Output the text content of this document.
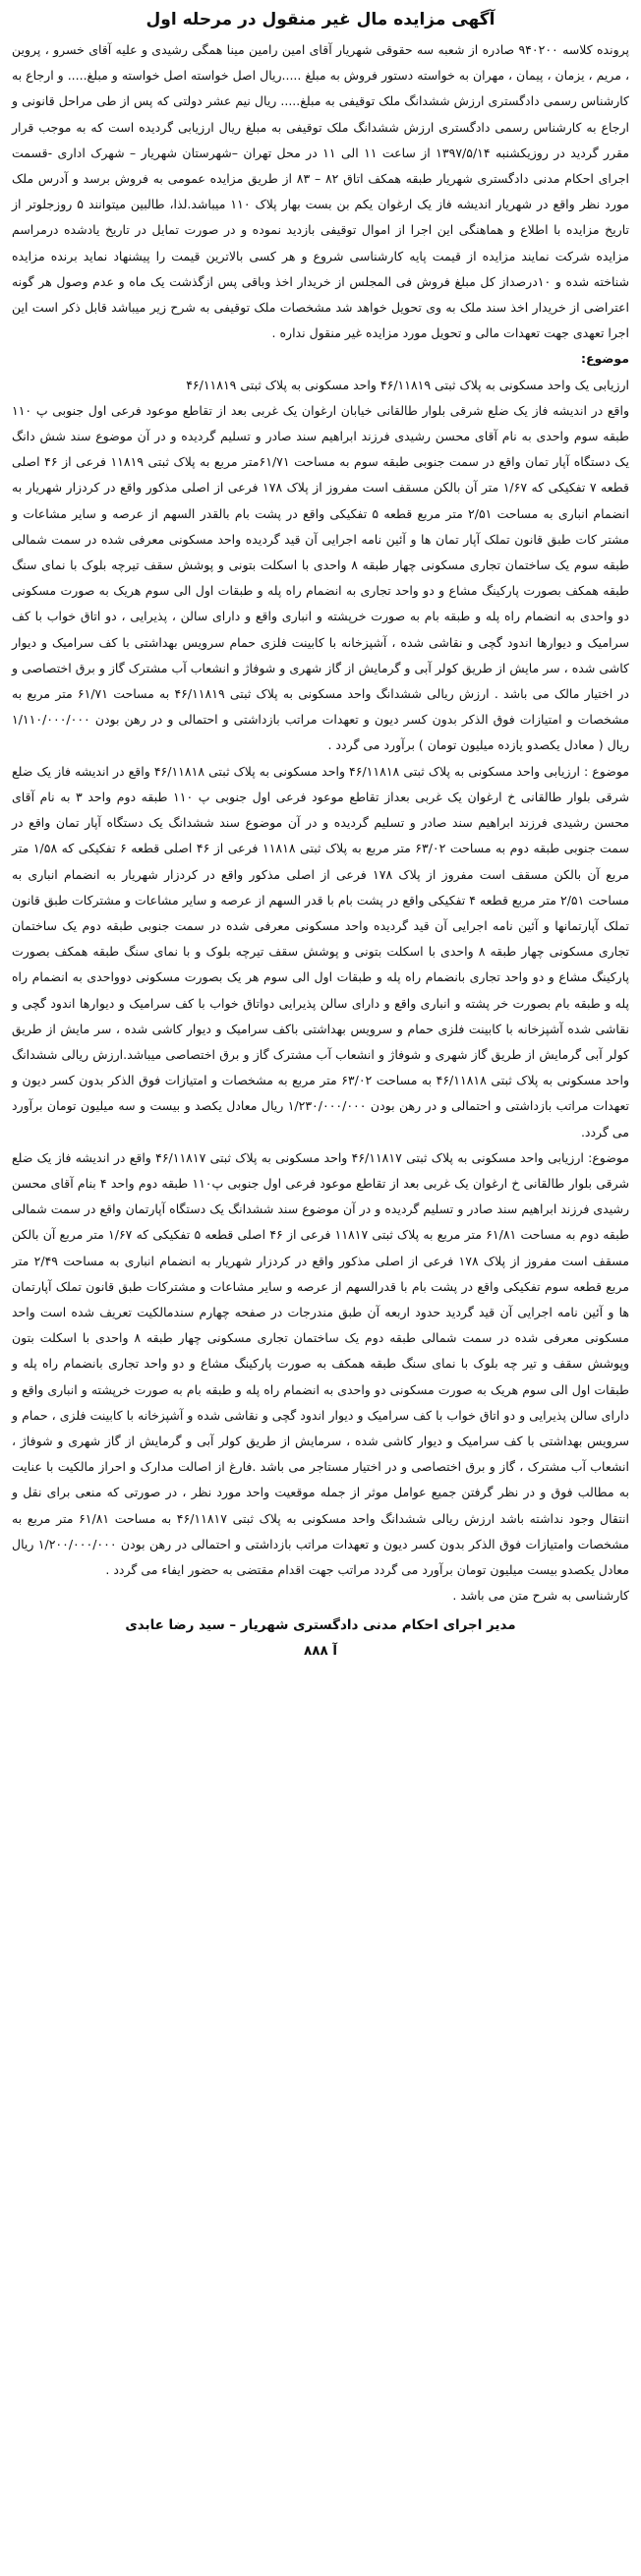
آگهی مزایده مال غیر منقول در مرحله اول

پرونده کلاسه ۹۴۰۲۰۰ صادره از شعبه سه حقوقی شهریار آقای امین رامین مینا همگی رشیدی و علیه آقای خسرو ، پروین ، مریم ، یزمان ، پیمان ، مهران به خواسته دستور فروش به مبلغ .....ریال اصل خواسته اصل خواسته و مبلغ..... و ارجاع به کارشناس رسمی دادگستری ارزش ششدانگ ملک توقیفی به مبلغ..... ریال نیم عشر دولتی که پس از طی مراحل قانونی و ارجاع به کارشناس رسمی دادگستری ارزش ششدانگ ملک توقیفی به مبلغ ریال ارزیابی گردیده است که به موجب قرار مقرر گردید در روزیکشنبه ۱۳۹۷/۵/۱۴ از ساعت ۱۱ الی ۱۱ در محل تهران –شهرستان شهریار – شهرک اداری -قسمت اجرای احکام مدنی دادگستری شهریار طبقه همکف اتاق ۸۲ – ۸۳ از طریق مزایده عمومی به فروش برسد و آدرس ملک مورد نظر واقع در شهریار اندیشه فاز یک ارغوان یکم بن بست بهار پلاک ۱۱۰ میباشد.لذا، طالبین میتوانند ۵ روزجلوتر از تاریخ مزایده با اطلاع و هماهنگی این اجرا از اموال توقیفی بازدید نموده و در صورت تمایل در تاریخ یادشده درمراسم مزایده شرکت نمایند مزایده از قیمت پایه کارشناسی شروع و هر کسی بالاترین قیمت را پیشنهاد نماید برنده مزایده شناخته شده و ۱۰درصداز کل مبلغ فروش فی المجلس از خریدار اخذ وباقی پس ازگذشت یک ماه و عدم وصول هر گونه اعتراضی از خریدار اخذ سند ملک به وی تحویل خواهد شد مشخصات ملک توقیفی به شرح زیر میباشد قابل ذکر است این اجرا تعهدی جهت تعهدات مالی و تحویل مورد مزایده غیر منقول نداره .

موضوع:

ارزیابی یک واحد مسکونی به پلاک ثبتی ۴۶/۱۱۸۱۹ واحد مسکونی به پلاک ثبتی ۴۶/۱۱۸۱۹

واقع در اندیشه فاز یک ضلع شرقی بلوار طالقانی خیابان ارغوان یک غربی بعد از تقاطع موعود فرعی اول جنوبی پ ۱۱۰ طبقه سوم واحدی به نام آقای محسن رشیدی فرزند ابراهیم سند صادر و تسلیم گردیده و در آن موضوع سند شش دانگ یک دستگاه آپار تمان واقع در سمت جنوبی طبقه سوم به مساحت ۶۱/۷۱متر مربع به پلاک ثبتی ۱۱۸۱۹ فرعی از ۴۶ اصلی قطعه ۷ تفکیکی که ۱/۶۷ متر آن بالکن مسقف است مفروز از پلاک ۱۷۸ فرعی از اصلی مذکور واقع در کردزار شهریار به انضمام انباری به مساحت ۲/۵۱ متر مربع قطعه ۵ تفکیکی واقع در پشت بام بالقدر السهم از عرصه و سایر مشاعات و مشتر کات طبق قانون تملک آپار تمان ها و آئین نامه اجرایی آن قید گردیده واحد مسکونی معرفی شده در سمت شمالی طبقه سوم یک ساختمان تجاری مسکونی چهار طبقه ۸ واحدی با اسکلت بتونی و پوشش سقف تیرچه بلوک با نمای سنگ طبقه همکف بصورت پارکینگ مشاع و دو واحد تجاری به انضمام راه پله و طبقات اول الی سوم هریک به صورت مسکونی دو واحدی به انضمام راه پله و طبقه بام به صورت خرپشته و انباری واقع و دارای سالن ، پذیرایی ، دو اتاق خواب با کف سرامیک و دیوارها اندود گچی و نقاشی شده ، آشپزخانه با کابینت فلزی حمام سرویس بهداشتی با کف سرامیک و دیوار کاشی شده ، سر مایش از طریق کولر آبی و گرمایش از گاز شهری و شوفاژ و انشعاب آب مشترک گاز و برق اختصاصی و در اختیار مالک می باشد . ارزش ریالی ششدانگ واحد مسکونی به پلاک ثبتی ۴۶/۱۱۸۱۹ به مساحت ۶۱/۷۱ متر مربع به مشخصات و امتیازات فوق الذکر بدون کسر دیون و تعهدات مراتب بازداشتی و احتمالی و در رهن بودن ۱/۱۱۰/۰۰۰/۰۰۰ ریال ( معادل یکصدو یازده میلیون تومان ) برآورد می گردد .

موضوع : ارزیابی واحد مسکونی به پلاک ثبتی ۴۶/۱۱۸۱۸ واحد مسکونی به پلاک ثبتی ۴۶/۱۱۸۱۸ واقع در اندیشه فاز یک ضلع شرقی بلوار طالقانی خ ارغوان یک غربی بعداز تقاطع موعود فرعی اول جنوبی پ ۱۱۰ طبقه دوم واحد ۳ به نام آقای محسن رشیدی فرزند ابراهیم سند صادر و تسلیم گردیده و در آن موضوع سند ششدانگ یک دستگاه آپار تمان واقع در سمت جنوبی طبقه دوم به مساحت ۶۳/۰۲ متر مربع به پلاک ثبتی ۱۱۸۱۸ فرعی از ۴۶ اصلی قطعه ۶ تفکیکی که ۱/۵۸ متر مربع آن بالکن مسقف است مفروز از پلاک ۱۷۸ فرعی از اصلی مذکور واقع در کردزار شهریار به انضمام انباری به مساحت ۲/۵۱ متر مربع قطعه ۴ تفکیکی واقع در پشت بام با قدر السهم از عرصه و سایر مشاعات و مشترکات طبق قانون تملک آپارتمانها و آئین نامه اجرایی آن قید گردیده واحد مسکونی معرفی شده در سمت جنوبی طبقه دوم یک ساختمان تجاری مسکونی چهار طبقه ۸ واحدی با اسکلت بتونی و پوشش سقف تیرچه بلوک و با نمای سنگ طبقه همکف بصورت پارکینگ مشاع و دو واحد تجاری بانضمام راه پله و طبقات اول الی سوم هر یک بصورت مسکونی دوواحدی به انضمام راه پله و طبقه بام بصورت خر پشته و انباری واقع و دارای سالن پذیرایی دواتاق خواب با کف سرامیک و دیوارها اندود گچی و نقاشی شده آشپزخانه با کابینت فلزی حمام و سرویس بهداشتی باکف سرامیک و دیوار کاشی شده ، سر مایش از طریق کولر آبی گرمایش از طریق گاز شهری و شوفاژ و انشعاب آب مشترک گاز و برق اختصاصی میباشد.ارزش ریالی ششدانگ واحد مسکونی به پلاک ثبتی ۴۶/۱۱۸۱۸ به مساحت ۶۳/۰۲ متر مربع به مشخصات و امتیازات فوق الذکر بدون کسر دیون و تعهدات مراتب بازداشتی و احتمالی و در رهن بودن ۱/۲۳۰/۰۰۰/۰۰۰ ریال معادل یکصد و بیست و سه میلیون تومان برآورد می گردد.

موضوع: ارزیابی واحد مسکونی به پلاک ثبتی ۴۶/۱۱۸۱۷ واحد مسکونی به پلاک ثبتی ۴۶/۱۱۸۱۷ واقع در اندیشه فاز یک ضلع شرقی بلوار طالقانی خ ارغوان یک غربی بعد از تقاطع موعود فرعی اول جنوبی پ۱۱۰ طبقه دوم واحد ۴ بنام آقای محسن رشیدی فرزند ابراهیم سند صادر و تسلیم گردیده و در آن موضوع سند ششدانگ یک دستگاه آپارتمان واقع در سمت شمالی طبقه دوم به مساحت ۶۱/۸۱ متر مربع به پلاک ثبتی ۱۱۸۱۷ فرعی از ۴۶ اصلی قطعه ۵ تفکیکی که ۱/۶۷ متر مربع آن بالکن مسقف است مفروز از پلاک ۱۷۸ فرعی از اصلی مذکور واقع در کردزار شهریار به انضمام انباری به مساحت ۲/۴۹ متر مربع قطعه سوم تفکیکی واقع در پشت بام با قدرالسهم از عرصه و سایر مشاعات و مشترکات طبق قانون تملک آپارتمان ها و آئین نامه اجرایی آن قید گردید حدود اربعه آن طبق مندرجات در صفحه چهارم سندمالکیت تعریف شده است واحد مسکونی معرفی شده در سمت شمالی طبقه دوم یک ساختمان تجاری مسکونی چهار طبقه ۸ واحدی با اسکلت بتون وپوشش سقف و تیر چه بلوک با نمای سنگ طبقه همکف به صورت پارکینگ مشاع و دو واحد تجاری بانضمام راه پله و طبقات اول الی سوم هریک به صورت مسکونی دو واحدی به انضمام راه پله و طبقه بام به صورت خرپشته و انباری واقع و دارای سالن پذیرایی و دو اتاق خواب با کف سرامیک و دیوار اندود گچی و نقاشی شده و آشپزخانه با کابینت فلزی ، حمام و سرویس بهداشتی با کف سرامیک و دیوار کاشی شده ، سرمایش از طریق کولر آبی و گرمایش از گاز شهری و شوفاژ ، انشعاب آب مشترک ، گاز و برق اختصاصی و در اختیار مستاجر می باشد .فارغ از اصالت مدارک و احراز مالکیت با عنایت به مطالب فوق و در نظر گرفتن جمیع عوامل موثر از جمله موقعیت واحد مورد نظر ، در صورتی که منعی برای نقل و انتقال وجود نداشته باشد ارزش ریالی ششدانگ واحد مسکونی به پلاک ثبتی ۴۶/۱۱۸۱۷ به مساحت ۶۱/۸۱ متر مربع به مشخصات وامتیازات فوق الذکر بدون کسر دیون و تعهدات مراتب بازداشتی و احتمالی در رهن بودن ۱/۲۰۰/۰۰۰/۰۰۰ ریال معادل یکصدو بیست میلیون تومان برآورد می گردد مراتب جهت اقدام مقتضی به حضور ایفاء می گردد .

کارشناسی به شرح متن می باشد .

مدیر اجرای احکام مدنی دادگستری شهریار – سید رضا عابدی
آ ۸۸۸
